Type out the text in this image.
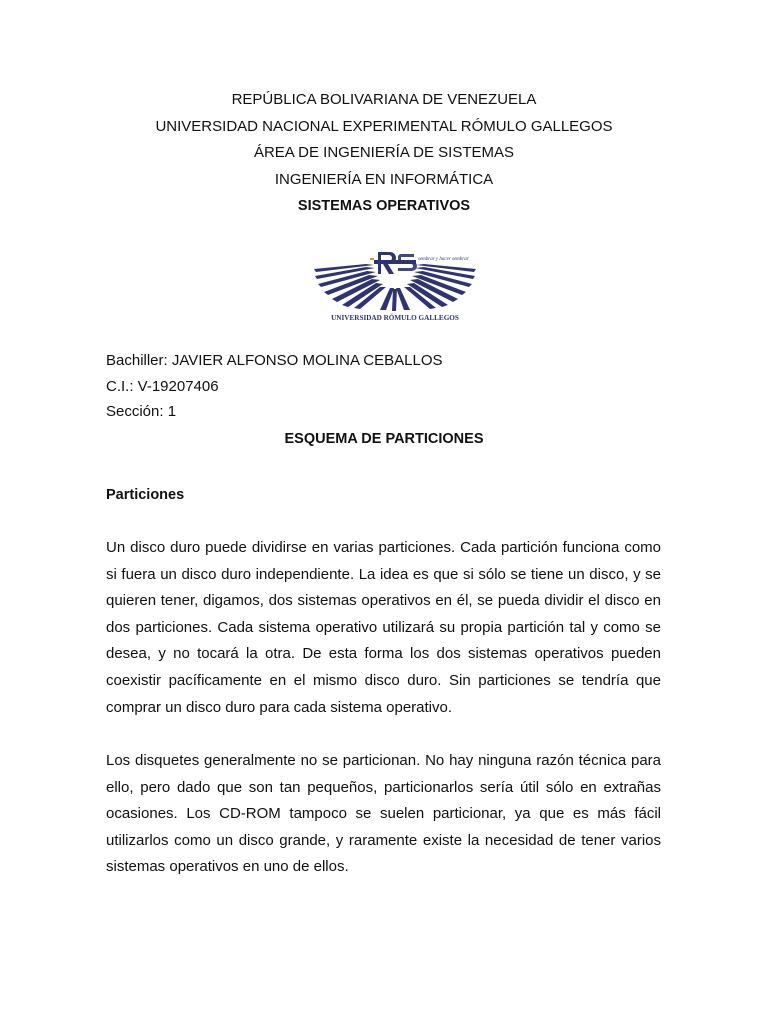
REPÚBLICA BOLIVARIANA DE VENEZUELA
UNIVERSIDAD NACIONAL EXPERIMENTAL RÓMULO GALLEGOS
ÁREA DE INGENIERÍA DE SISTEMAS
INGENIERÍA EN INFORMÁTICA
SISTEMAS OPERATIVOS
sembrar y hacer sembrar
UNIVERSIDAD RÓMULO GALLEGOS
Bachiller: JAVIER ALFONSO MOLINA CEBALLOS
C.I.: V-19207406
Sección: 1
ESQUEMA DE PARTICIONES
Particiones

Un disco duro puede dividirse en varias particiones. Cada partición funciona como si fuera un disco duro independiente. La idea es que si sólo se tiene un disco, y se quieren tener, digamos, dos sistemas operativos en él, se pueda dividir el disco en dos particiones. Cada sistema operativo utilizará su propia partición tal y como se desea, y no tocará la otra. De esta forma los dos sistemas operativos pueden coexistir pacíficamente en el mismo disco duro. Sin particiones se tendría que comprar un disco duro para cada sistema operativo.

Los disquetes generalmente no se particionan. No hay ninguna razón técnica para ello, pero dado que son tan pequeños, particionarlos sería útil sólo en extrañas ocasiones. Los CD-ROM tampoco se suelen particionar, ya que es más fácil utilizarlos como un disco grande, y raramente existe la necesidad de tener varios sistemas operativos en uno de ellos.
